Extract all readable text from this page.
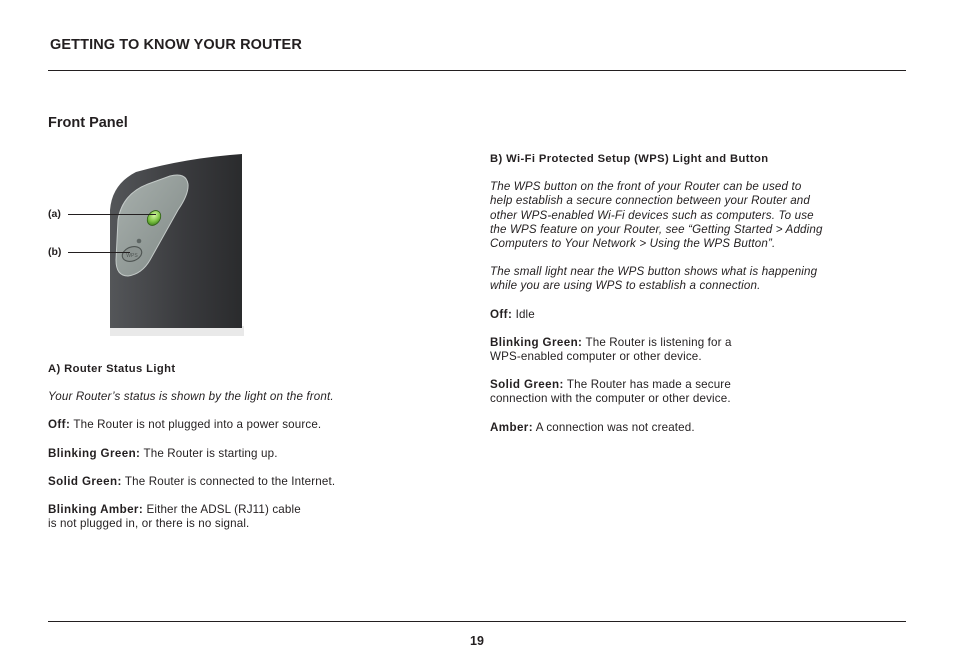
GETTING TO KNOW YOUR ROUTER
Front Panel
WPS
(a)
(b)

A) Router Status Light

Your Router’s status is shown by the light on the front.

Off: The Router is not plugged into a power source.

Blinking Green: The Router is starting up.

Solid Green: The Router is connected to the Internet.

Blinking Amber: Either the ADSL (RJ11) cable

is not plugged in, or there is no signal.

B) Wi-Fi Protected Setup (WPS) Light and Button

The WPS button on the front of your Router can be used to

help establish a secure connection between your Router and

other WPS-enabled Wi-Fi devices such as computers. To use

the WPS feature on your Router, see “Getting Started > Adding

Computers to Your Network > Using the WPS Button”.

The small light near the WPS button shows what is happening

while you are using WPS to establish a connection.

Off: Idle

Blinking Green: The Router is listening for a

WPS-enabled computer or other device.

Solid Green: The Router has made a secure

connection with the computer or other device.

Amber: A connection was not created.

19
